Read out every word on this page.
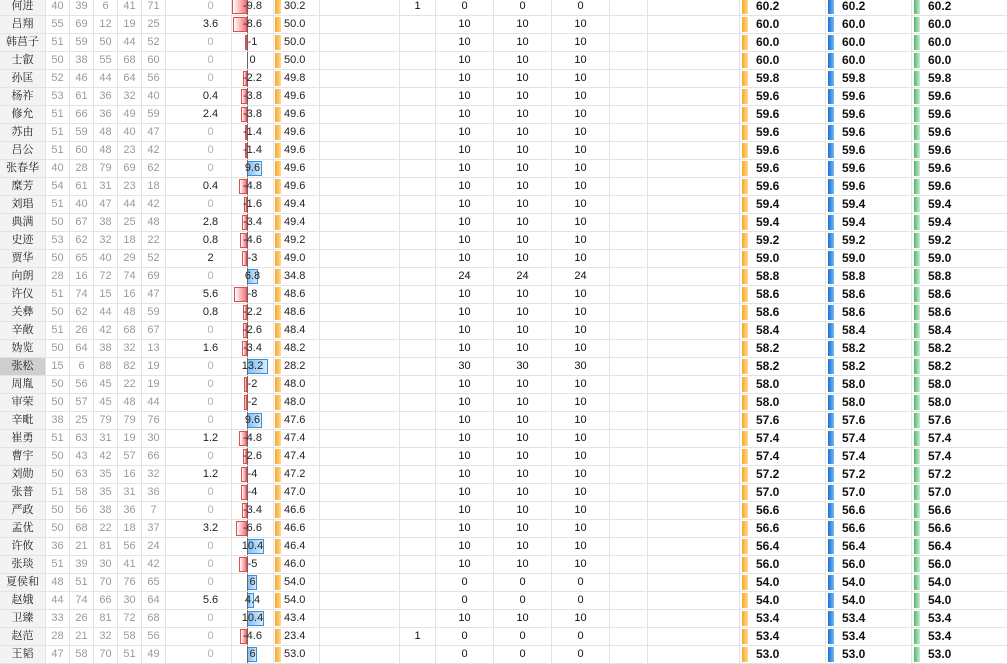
何进	40	39	6	41	71	0	-9.8	30.2	1	0	0	0	60.2	60.2	60.2
吕翔	55	69	12	19	25	3.6	-8.6	50.0	10	10	10	60.0	60.0	60.0
韩莒子	51	59	50	44	52	0	-1	50.0	10	10	10	60.0	60.0	60.0
士叡	50	38	55	68	60	0	0	50.0	10	10	10	60.0	60.0	60.0
孙匡	52	46	44	64	56	0	-2.2	49.8	10	10	10	59.8	59.8	59.8
杨祚	53	61	36	32	40	0.4	-3.8	49.6	10	10	10	59.6	59.6	59.6
修允	51	66	36	49	59	2.4	-3.8	49.6	10	10	10	59.6	59.6	59.6
苏由	51	59	48	40	47	0	-1.4	49.6	10	10	10	59.6	59.6	59.6
吕公	51	60	48	23	42	0	-1.4	49.6	10	10	10	59.6	59.6	59.6
张春华	40	28	79	69	62	0	9.6	49.6	10	10	10	59.6	59.6	59.6
糜芳	54	61	31	23	18	0.4	-4.8	49.6	10	10	10	59.6	59.6	59.6
刘琩	51	40	47	44	42	0	-1.6	49.4	10	10	10	59.4	59.4	59.4
典满	50	67	38	25	48	2.8	-3.4	49.4	10	10	10	59.4	59.4	59.4
史迹	53	62	32	18	22	0.8	-4.6	49.2	10	10	10	59.2	59.2	59.2
贾华	50	65	40	29	52	2	-3	49.0	10	10	10	59.0	59.0	59.0
向朗	28	16	72	74	69	0	6.8	34.8	24	24	24	58.8	58.8	58.8
许仪	51	74	15	16	47	5.6	-8	48.6	10	10	10	58.6	58.6	58.6
关彝	50	62	44	48	59	0.8	-2.2	48.6	10	10	10	58.6	58.6	58.6
辛敞	51	26	42	68	67	0	-2.6	48.4	10	10	10	58.4	58.4	58.4
妫览	50	64	38	32	13	1.6	-3.4	48.2	10	10	10	58.2	58.2	58.2
张松	15	6	88	82	19	0	13.2	28.2	30	30	30	58.2	58.2	58.2
周胤	50	56	45	22	19	0	-2	48.0	10	10	10	58.0	58.0	58.0
审荣	50	57	45	48	44	0	-2	48.0	10	10	10	58.0	58.0	58.0
辛毗	38	25	79	79	76	0	9.6	47.6	10	10	10	57.6	57.6	57.6
崔勇	51	63	31	19	30	1.2	-4.8	47.4	10	10	10	57.4	57.4	57.4
曹宇	50	43	42	57	66	0	-2.6	47.4	10	10	10	57.4	57.4	57.4
刘勋	50	63	35	16	32	1.2	-4	47.2	10	10	10	57.2	57.2	57.2
张普	51	58	35	31	36	0	-4	47.0	10	10	10	57.0	57.0	57.0
严政	50	56	38	36	7	0	-3.4	46.6	10	10	10	56.6	56.6	56.6
孟优	50	68	22	18	37	3.2	-6.6	46.6	10	10	10	56.6	56.6	56.6
许攸	36	21	81	56	24	0	10.4	46.4	10	10	10	56.4	56.4	56.4
张琰	51	39	30	41	42	0	-5	46.0	10	10	10	56.0	56.0	56.0
夏侯和	48	51	70	76	65	0	6	54.0	0	0	0	54.0	54.0	54.0
赵娥	44	74	66	30	64	5.6	4.4	54.0	0	0	0	54.0	54.0	54.0
卫臻	33	26	81	72	68	0	10.4	43.4	10	10	10	53.4	53.4	53.4
赵范	28	21	32	58	56	0	-4.6	23.4	1	0	0	0	53.4	53.4	53.4
王韬	47	58	70	51	49	0	6	53.0	0	0	0	53.0	53.0	53.0
